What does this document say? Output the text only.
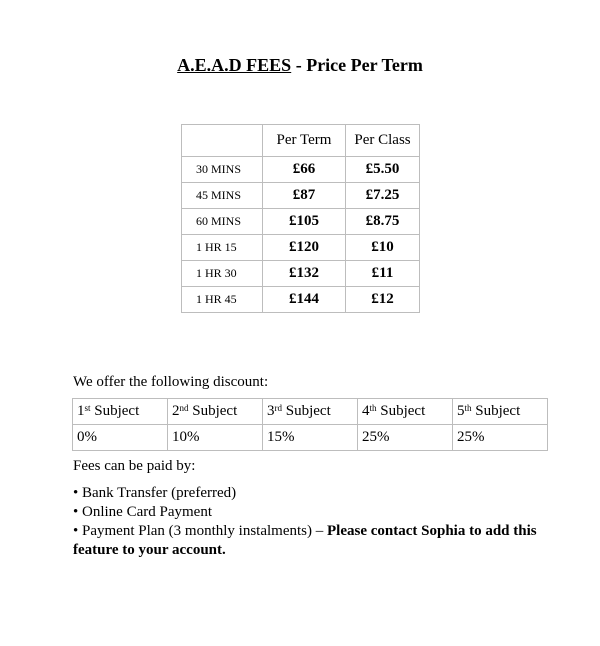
A.E.A.D FEES - Price Per Term
	Per Term	Per Class
30 MINS	£66	£5.50
45 MINS	£87	£7.25
60 MINS	£105	£8.75
1 HR 15	£120	£10
1 HR 30	£132	£11
1 HR 45	£144	£12

We offer the following discount:

1st Subject	2nd Subject	3rd Subject	4th Subject	5th Subject
0%	10%	15%	25%	25%

Fees can be paid by:

• Bank Transfer (preferred)
• Online Card Payment
• Payment Plan (3 monthly instalments) – Please contact Sophia to add this feature to your account.
